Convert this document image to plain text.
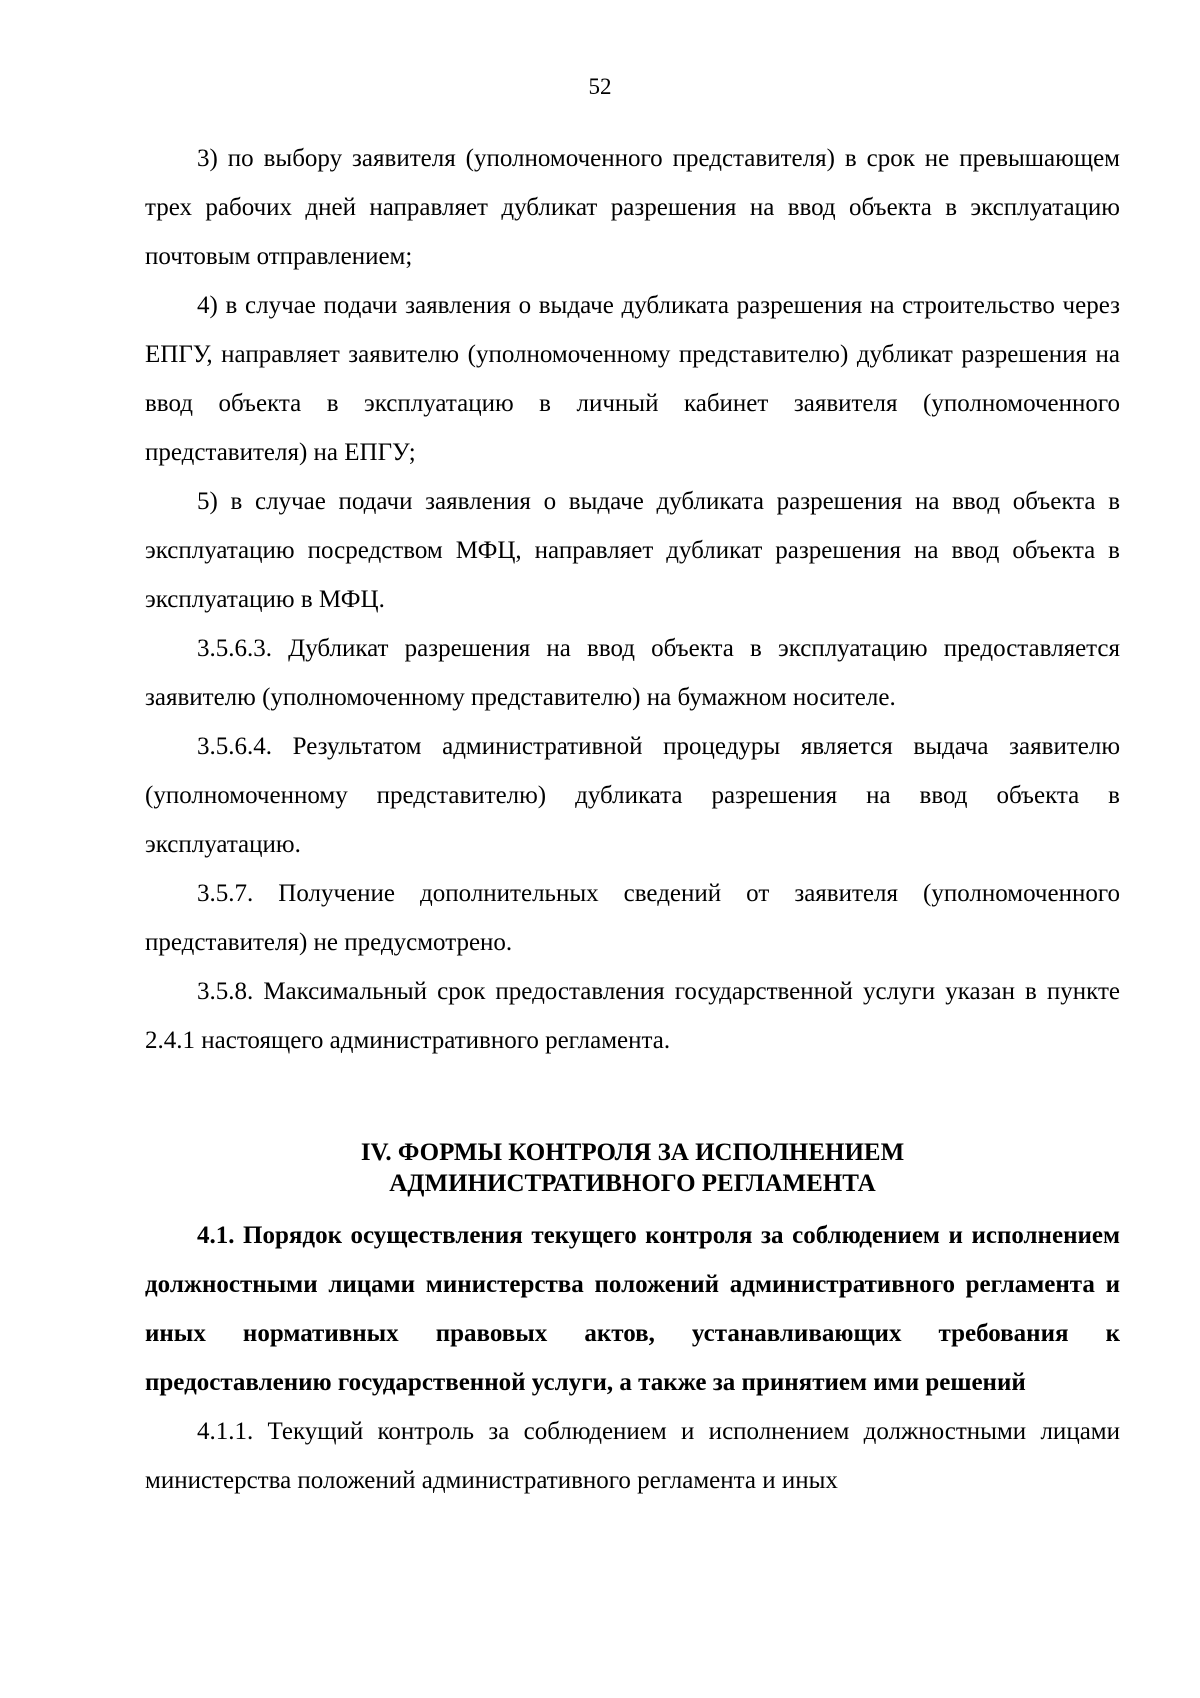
52

3) по выбору заявителя (уполномоченного представителя) в срок не превышающем трех рабочих дней направляет дубликат разрешения на ввод объекта в эксплуатацию почтовым отправлением;

4) в случае подачи заявления о выдаче дубликата разрешения на строительство через ЕПГУ, направляет заявителю (уполномоченному представителю) дубликат разрешения на ввод объекта в эксплуатацию в личный кабинет заявителя (уполномоченного представителя) на ЕПГУ;

5) в случае подачи заявления о выдаче дубликата разрешения на ввод объекта в эксплуатацию посредством МФЦ, направляет дубликат разрешения на ввод объекта в эксплуатацию в МФЦ.

3.5.6.3. Дубликат разрешения на ввод объекта в эксплуатацию предоставляется заявителю (уполномоченному представителю) на бумажном носителе.

3.5.6.4. Результатом административной процедуры является выдача заявителю (уполномоченному представителю) дубликата разрешения на ввод объекта в эксплуатацию.

3.5.7. Получение дополнительных сведений от заявителя (уполномоченного представителя) не предусмотрено.

3.5.8. Максимальный срок предоставления государственной услуги указан в пункте 2.4.1 настоящего административного регламента.

IV. ФОРМЫ КОНТРОЛЯ ЗА ИСПОЛНЕНИЕМ
АДМИНИСТРАТИВНОГО РЕГЛАМЕНТА

4.1. Порядок осуществления текущего контроля за соблюдением и исполнением должностными лицами министерства положений административного регламента и иных нормативных правовых актов, устанавливающих требования к предоставлению государственной услуги, а также за принятием ими решений

4.1.1. Текущий контроль за соблюдением и исполнением должностными лицами министерства положений административного регламента и иных
